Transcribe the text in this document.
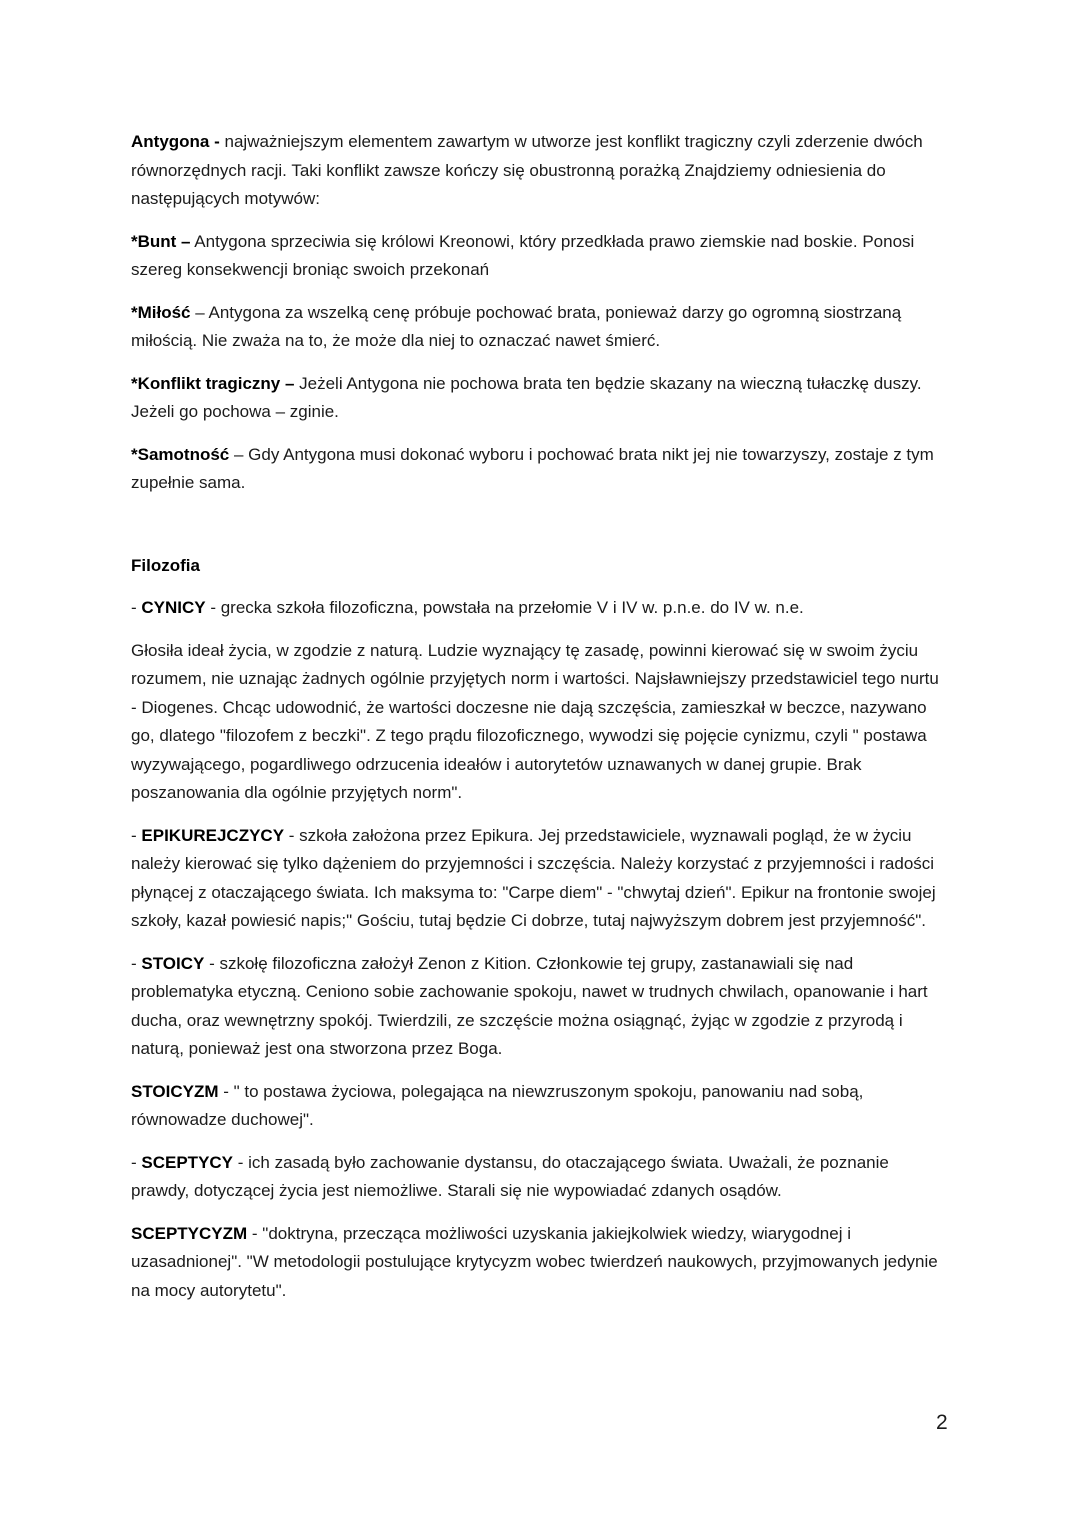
Antygona - najważniejszym elementem zawartym w utworze jest konflikt tragiczny czyli zderzenie dwóch równorzędnych racji. Taki konflikt zawsze kończy się obustronną porażką Znajdziemy odniesienia do następujących motywów:

*Bunt – Antygona sprzeciwia się królowi Kreonowi, który przedkłada prawo ziemskie nad boskie. Ponosi szereg konsekwencji broniąc swoich przekonań

*Miłość – Antygona za wszelką cenę próbuje pochować brata, ponieważ darzy go ogromną siostrzaną miłością. Nie zważa na to, że może dla niej to oznaczać nawet śmierć.

*Konflikt tragiczny – Jeżeli Antygona nie pochowa brata ten będzie skazany na wieczną tułaczkę duszy. Jeżeli go pochowa – zginie.

*Samotność – Gdy Antygona musi dokonać wyboru i pochować brata nikt jej nie towarzyszy, zostaje z tym zupełnie sama.

Filozofia

- CYNICY - grecka szkoła filozoficzna, powstała na przełomie V i IV w. p.n.e. do IV w. n.e.

Głosiła ideał życia, w zgodzie z naturą. Ludzie wyznający tę zasadę, powinni kierować się w swoim życiu rozumem, nie uznając żadnych ogólnie przyjętych norm i wartości. Najsławniejszy przedstawiciel tego nurtu - Diogenes. Chcąc udowodnić, że wartości doczesne nie dają szczęścia, zamieszkał w beczce, nazywano go, dlatego "filozofem z beczki". Z tego prądu filozoficznego, wywodzi się pojęcie cynizmu, czyli " postawa wyzywającego, pogardliwego odrzucenia ideałów i autorytetów uznawanych w danej grupie. Brak poszanowania dla ogólnie przyjętych norm".

- EPIKUREJCZYCY - szkoła założona przez Epikura. Jej przedstawiciele, wyznawali pogląd, że w życiu należy kierować się tylko dążeniem do przyjemności i szczęścia. Należy korzystać z przyjemności i radości płynącej z otaczającego świata. Ich maksyma to: "Carpe diem" - "chwytaj dzień". Epikur na frontonie swojej szkoły, kazał powiesić napis;" Gościu, tutaj będzie Ci dobrze, tutaj najwyższym dobrem jest przyjemność".

- STOICY - szkołę filozoficzna założył Zenon z Kition. Członkowie tej grupy, zastanawiali się nad problematyka etyczną. Ceniono sobie zachowanie spokoju, nawet w trudnych chwilach, opanowanie i hart ducha, oraz wewnętrzny spokój. Twierdzili, ze szczęście można osiągnąć, żyjąc w zgodzie z przyrodą i naturą, ponieważ jest ona stworzona przez Boga.

STOICYZM - " to postawa życiowa, polegająca na niewzruszonym spokoju, panowaniu nad sobą, równowadze duchowej".

- SCEPTYCY - ich zasadą było zachowanie dystansu, do otaczającego świata. Uważali, że poznanie prawdy, dotyczącej życia jest niemożliwe. Starali się nie wypowiadać zdanych osądów.

SCEPTYCYZM - "doktryna, przecząca możliwości uzyskania jakiejkolwiek wiedzy, wiarygodnej i uzasadnionej". "W metodologii postulujące krytycyzm wobec twierdzeń naukowych, przyjmowanych jedynie na mocy autorytetu".

2
